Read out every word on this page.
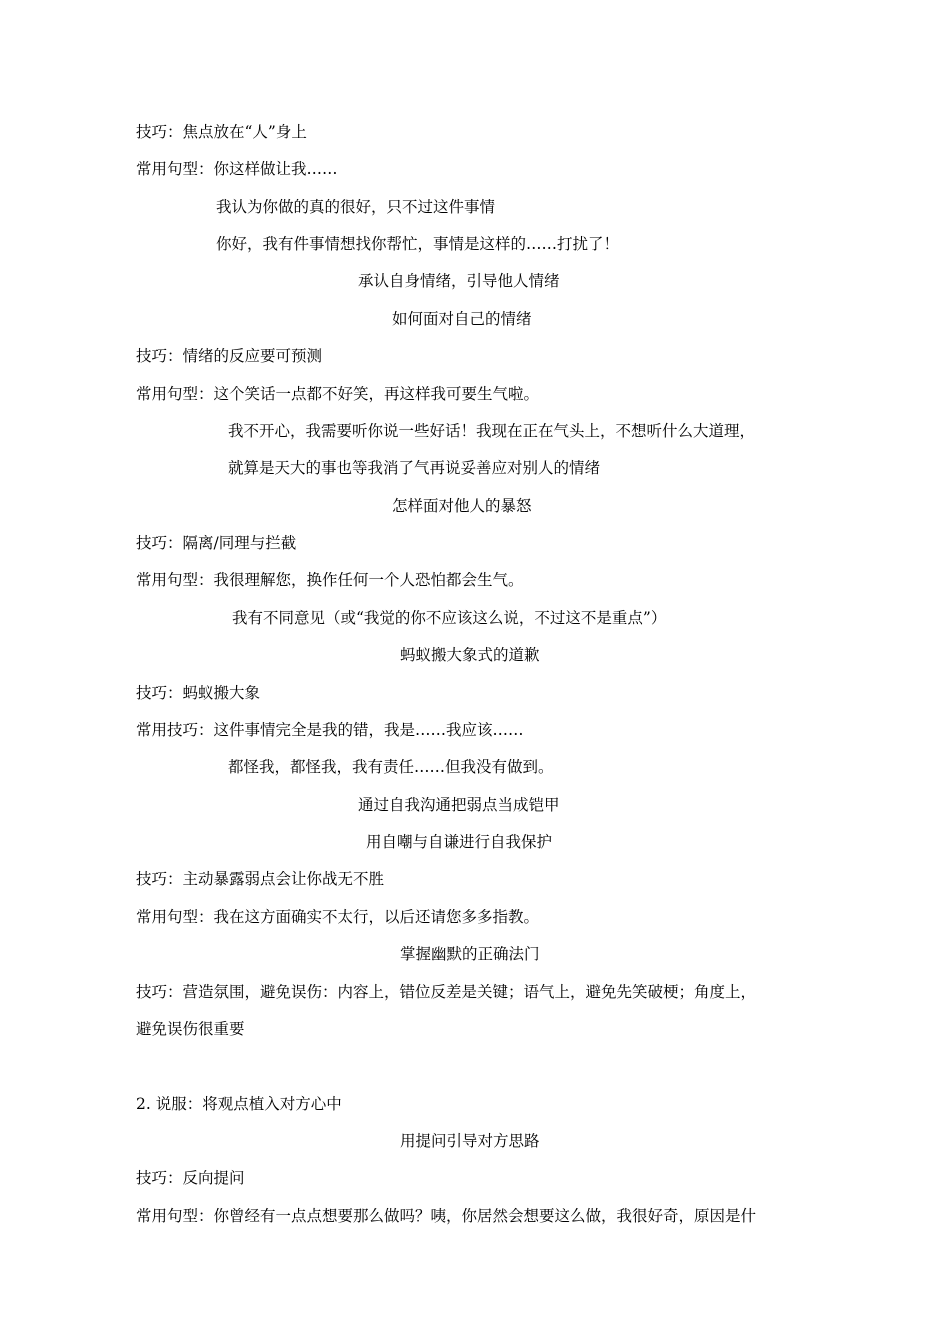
技巧：焦点放在“人”身上

常用句型：你这样做让我……

我认为你做的真的很好，只不过这件事情

你好，我有件事情想找你帮忙，事情是这样的……打扰了！

承认自身情绪，引导他人情绪

如何面对自己的情绪

技巧：情绪的反应要可预测

常用句型：这个笑话一点都不好笑，再这样我可要生气啦。

我不开心，我需要听你说一些好话！我现在正在气头上，不想听什么大道理，

就算是天大的事也等我消了气再说妥善应对别人的情绪

怎样面对他人的暴怒

技巧：隔离/同理与拦截

常用句型：我很理解您，换作任何一个人恐怕都会生气。

我有不同意见（或“我觉的你不应该这么说，不过这不是重点”）

蚂蚁搬大象式的道歉

技巧：蚂蚁搬大象

常用技巧：这件事情完全是我的错，我是……我应该……

都怪我，都怪我，我有责任……但我没有做到。

通过自我沟通把弱点当成铠甲

用自嘲与自谦进行自我保护

技巧：主动暴露弱点会让你战无不胜

常用句型：我在这方面确实不太行，以后还请您多多指教。

掌握幽默的正确法门

技巧：营造氛围，避免误伤：内容上，错位反差是关键；语气上，避免先笑破梗；角度上，

避免误伤很重要

2. 说服：将观点植入对方心中

用提问引导对方思路

技巧：反向提问

常用句型：你曾经有一点点想要那么做吗？咦，你居然会想要这么做，我很好奇，原因是什
